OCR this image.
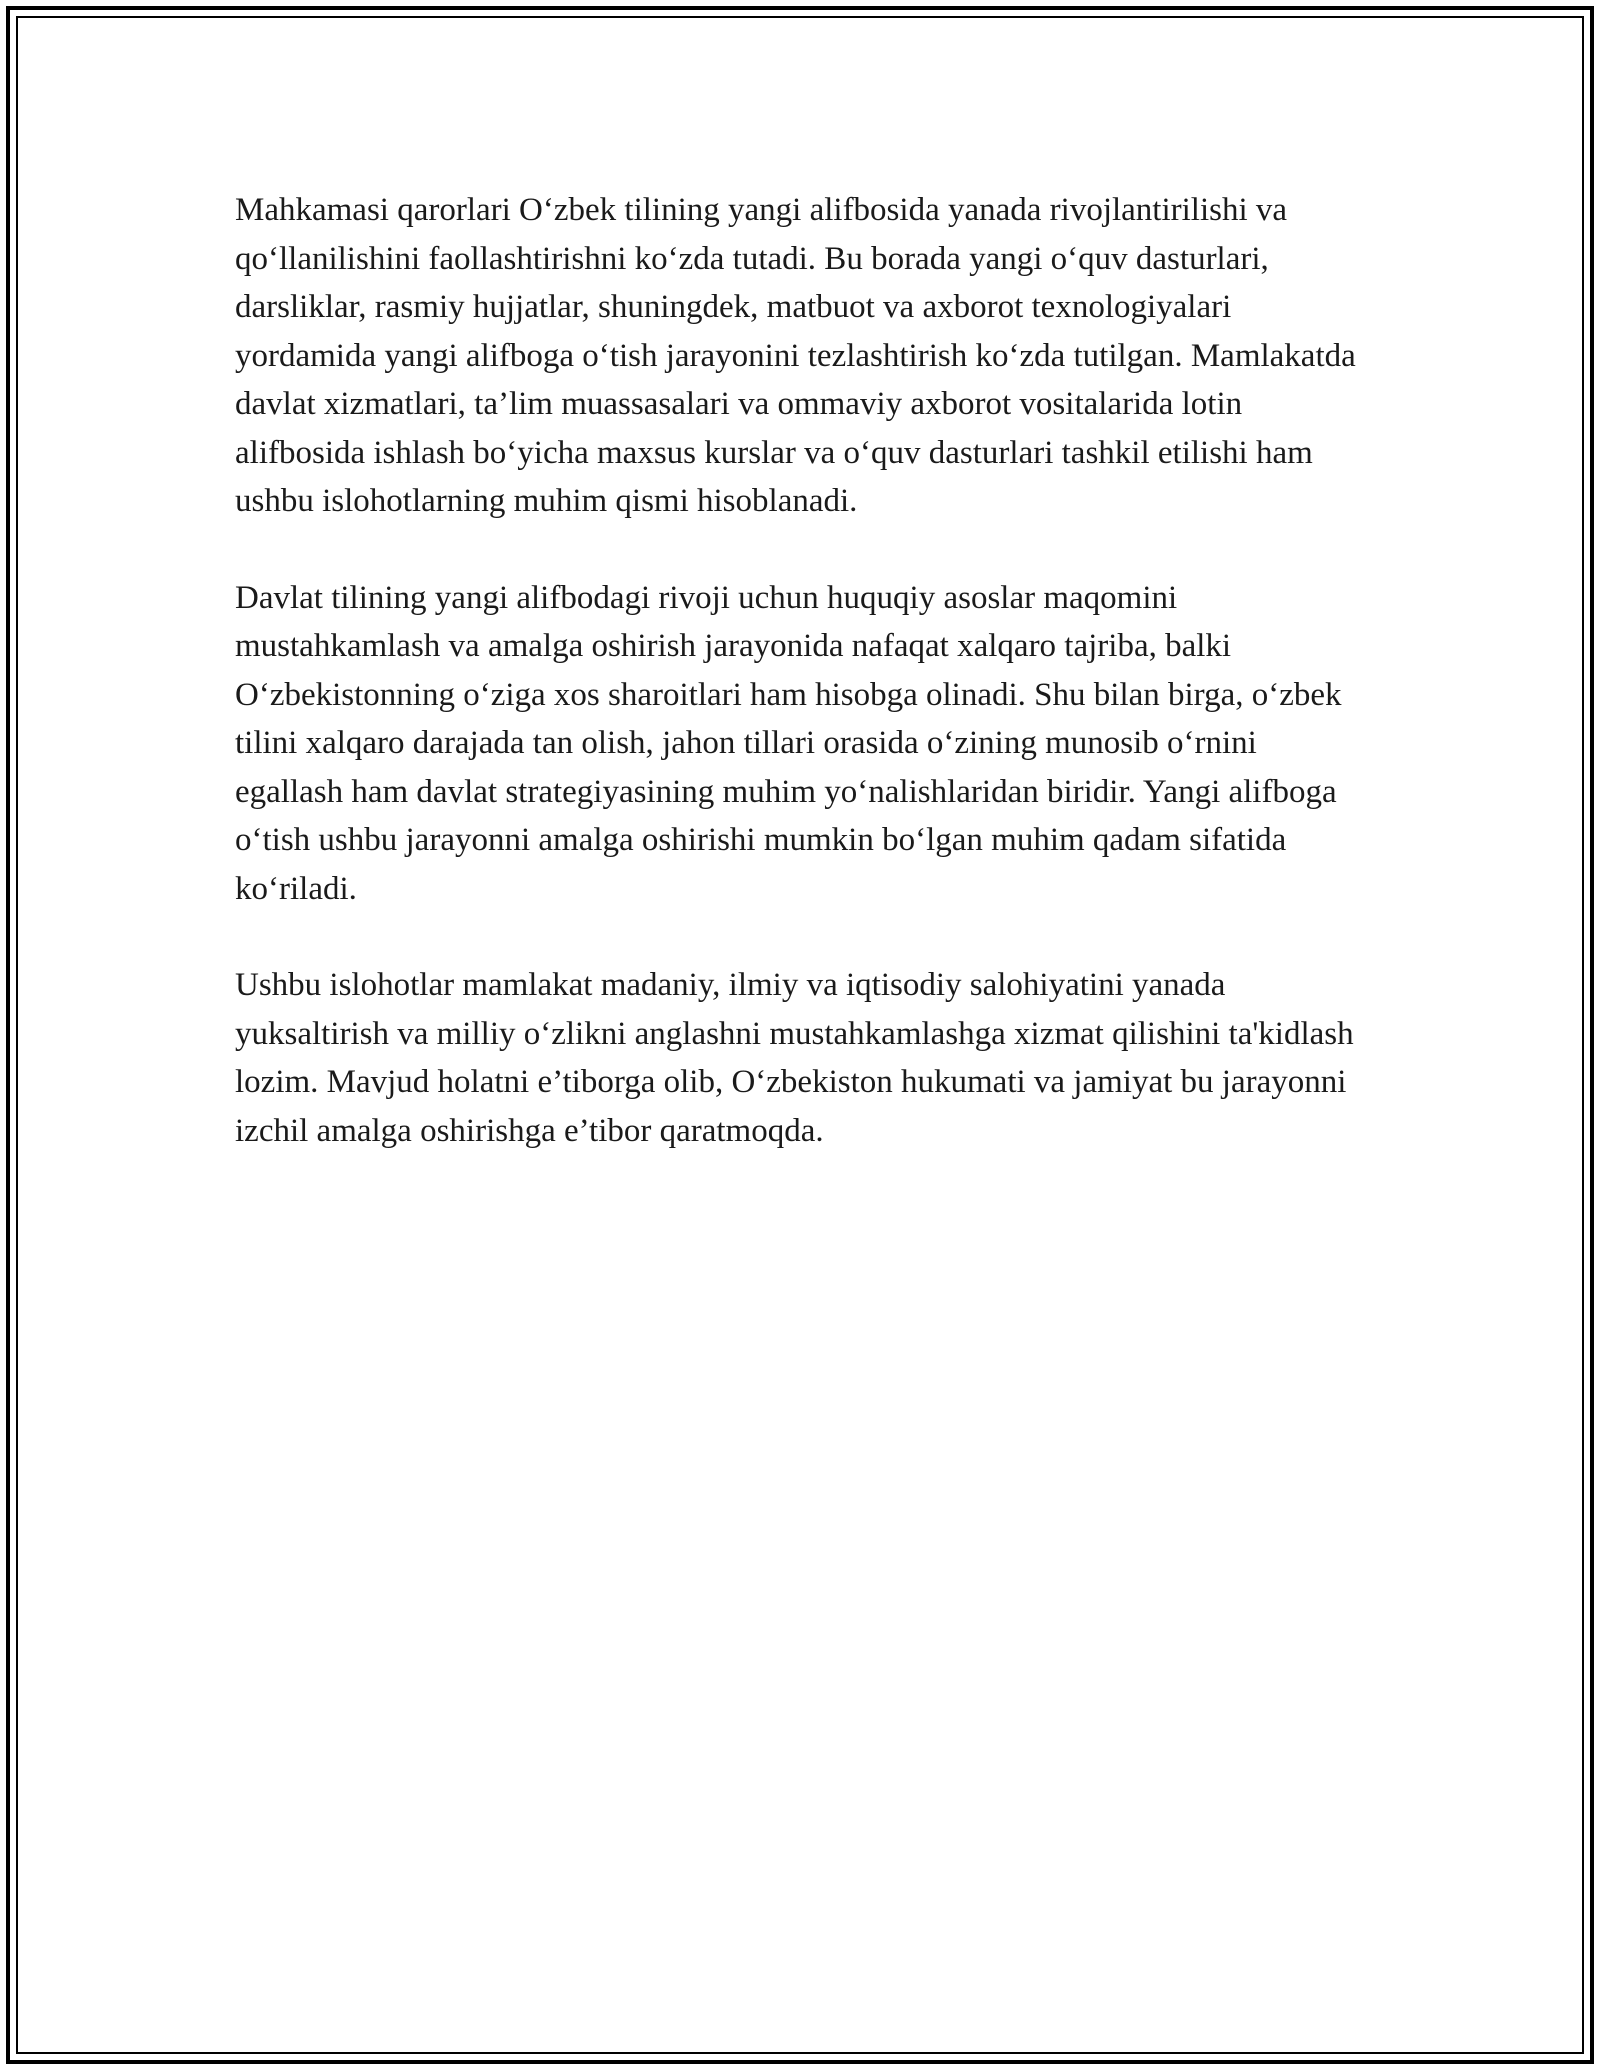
Mahkamasi qarorlari O‘zbek tilining yangi alifbosida yanada rivojlantirilishi va qo‘llanilishini faollashtirishni ko‘zda tutadi. Bu borada yangi o‘quv dasturlari, darsliklar, rasmiy hujjatlar, shuningdek, matbuot va axborot texnologiyalari yordamida yangi alifboga o‘tish jarayonini tezlashtirish ko‘zda tutilgan. Mamlakatda davlat xizmatlari, ta’lim muassasalari va ommaviy axborot vositalarida lotin alifbosida ishlash bo‘yicha maxsus kurslar va o‘quv dasturlari tashkil etilishi ham ushbu islohotlarning muhim qismi hisoblanadi.

Davlat tilining yangi alifbodagi rivoji uchun huquqiy asoslar maqomini mustahkamlash va amalga oshirish jarayonida nafaqat xalqaro tajriba, balki O‘zbekistonning o‘ziga xos sharoitlari ham hisobga olinadi. Shu bilan birga, o‘zbek tilini xalqaro darajada tan olish, jahon tillari orasida o‘zining munosib o‘rnini egallash ham davlat strategiyasining muhim yo‘nalishlaridan biridir. Yangi alifboga o‘tish ushbu jarayonni amalga oshirishi mumkin bo‘lgan muhim qadam sifatida ko‘riladi.

Ushbu islohotlar mamlakat madaniy, ilmiy va iqtisodiy salohiyatini yanada yuksaltirish va milliy o‘zlikni anglashni mustahkamlashga xizmat qilishini ta'kidlash lozim. Mavjud holatni e’tiborga olib, O‘zbekiston hukumati va jamiyat bu jarayonni izchil amalga oshirishga e’tibor qaratmoqda.
